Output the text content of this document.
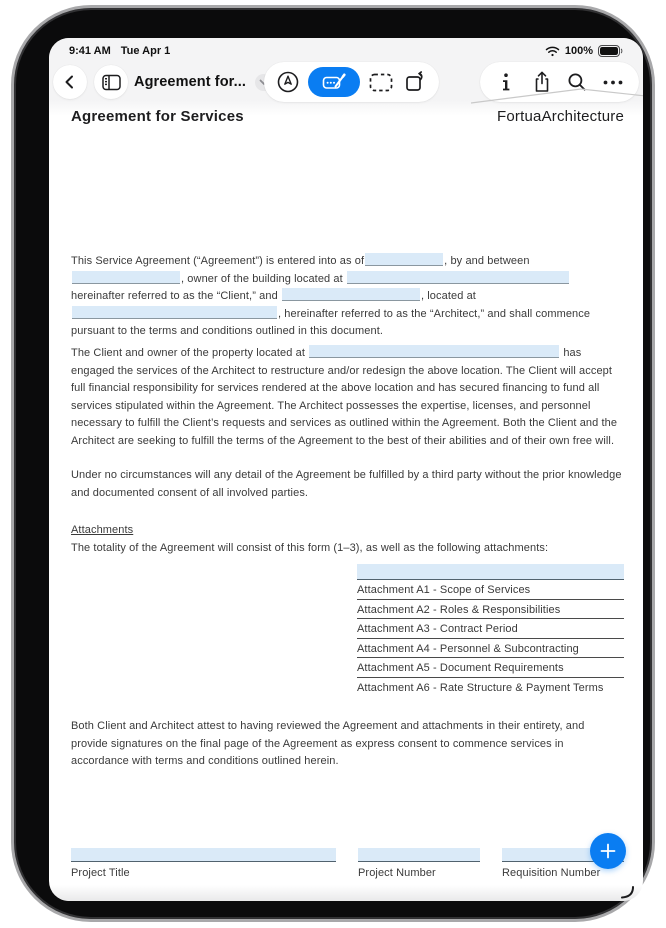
9:41 AM Tue Apr 1	100%
Agreement for...
Agreement for Services	FortuaArchitecture
This Service Agreement (“Agreement”) is entered into as of	, by and between , owner of the building located at  hereinafter referred to as the “Client,” and	, located at , hereinafter referred to as the “Architect,” and shall commence pursuant to the terms and conditions outlined in this document.
The Client and owner of the property located at	has engaged the services of the Architect to restructure and/or redesign the above location. The Client will accept full financial responsibility for services rendered at the above location and has secured financing to fund all services stipulated within the Agreement. The Architect possesses the expertise, licenses, and personnel necessary to fulfill the Client’s requests and services as outlined within the Agreement. Both the Client and the Architect are seeking to fulfill the terms of the Agreement to the best of their abilities and of their own free will.
Under no circumstances will any detail of the Agreement be fulfilled by a third party without the prior knowledge and documented consent of all involved parties.
Attachments
The totality of the Agreement will consist of this form (1–3), as well as the following attachments:
Attachment A1 - Scope of Services
Attachment A2 - Roles & Responsibilities
Attachment A3 - Contract Period
Attachment A4 - Personnel & Subcontracting
Attachment A5 - Document Requirements
Attachment A6 - Rate Structure & Payment Terms
Both Client and Architect attest to having reviewed the Agreement and attachments in their entirety, and provide signatures on the final page of the Agreement as express consent to commence services in accordance with terms and conditions outlined herein.
Project Title	Project Number	Requisition Number
